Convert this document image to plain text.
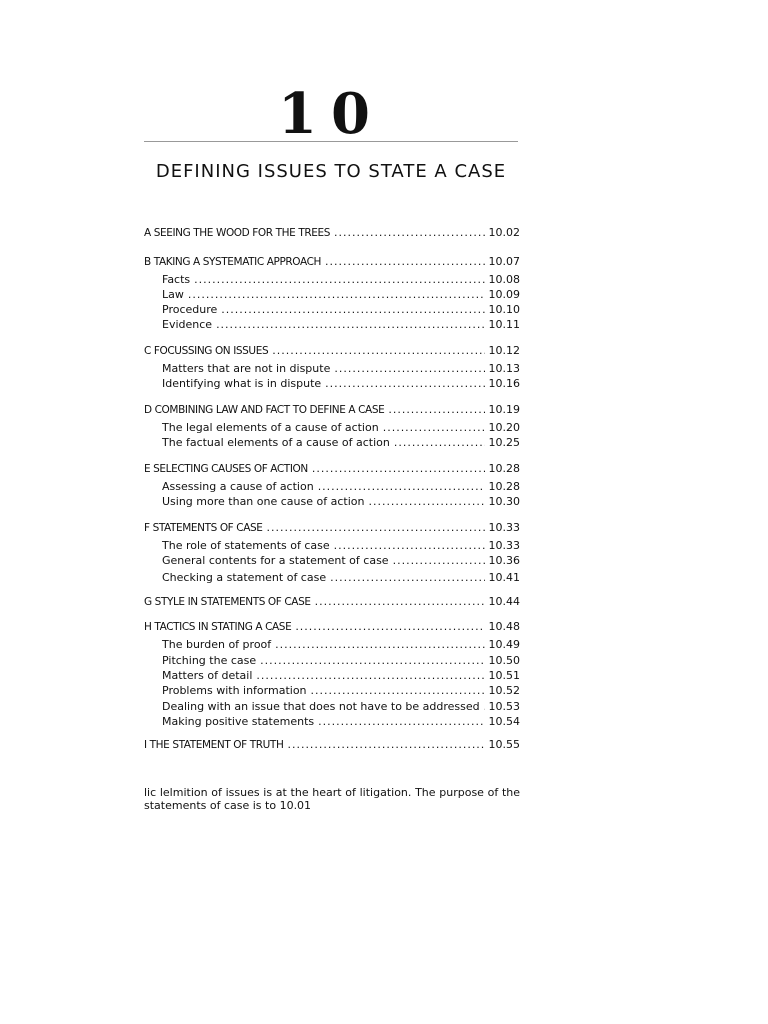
10
DEFINING ISSUES TO STATE A CASE
A SEEING THE WOOD FOR THE TREES .....	10.02
B TAKING A SYSTEMATIC APPROACH .....	10.07
Facts .....	10.08
Law .....	10.09
Procedure .....	10.10
Evidence .....	10.11
C FOCUSSING ON ISSUES .....	10.12
Matters that are not in dispute .....	10.13
Identifying what is in dispute .....	10.16
D COMBINING LAW AND FACT TO DEFINE A CASE .....	10.19
The legal elements of a cause of action .....	10.20
The factual elements of a cause of action .....	10.25
E SELECTING CAUSES OF ACTION .....	10.28
Assessing a cause of action .....	10.28
Using more than one cause of action .....	10.30
F STATEMENTS OF CASE .....	10.33
The role of statements of case .....	10.33
General contents for a statement of case .....	10.36
Checking a statement of case .....	10.41
G STYLE IN STATEMENTS OF CASE .....	10.44
H TACTICS IN STATING A CASE .....	10.48
The burden of proof .....	10.49
Pitching the case .....	10.50
Matters of detail .....	10.51
Problems with information .....	10.52
Dealing with an issue that does not have to be addressed ..... 10.53
Making positive statements .....	10.54
I THE STATEMENT OF TRUTH .....	10.55
lic lelmition of issues is at the heart of litigation. The purpose of the statements of case is to 10.01
